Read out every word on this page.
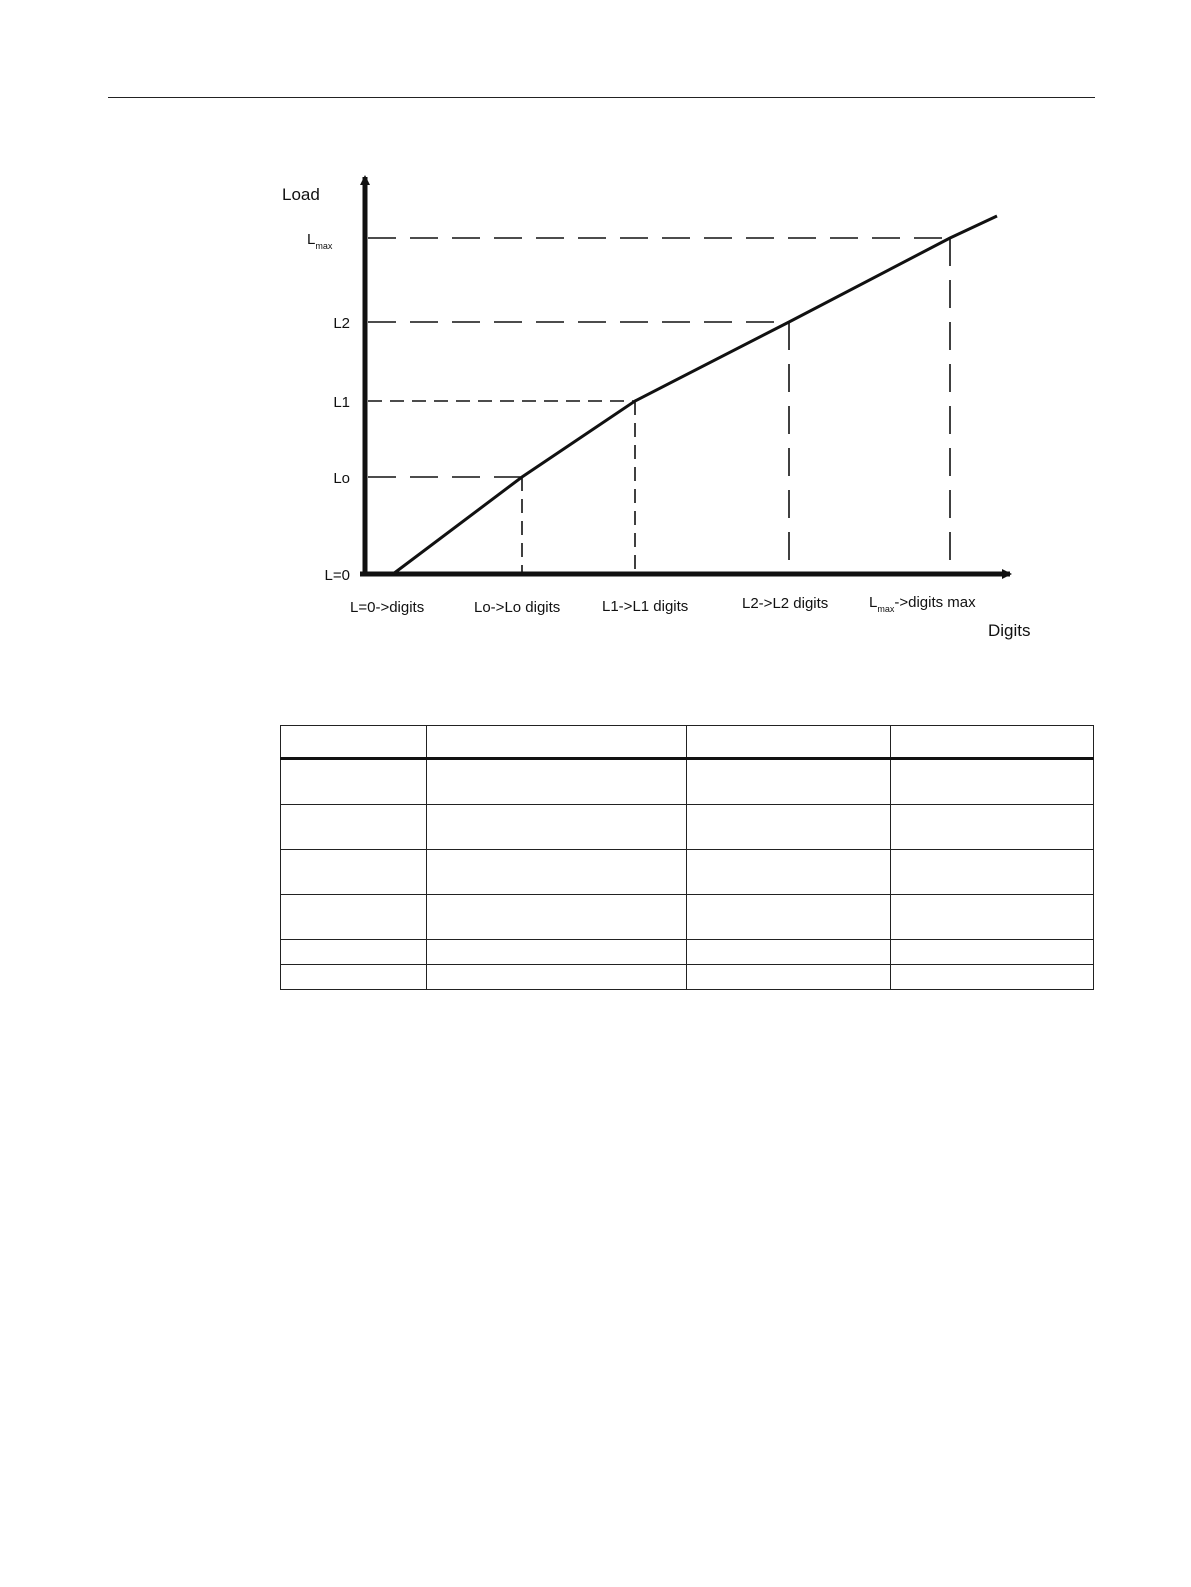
Load
Digits
$L_{max}$
L2
L1
Lo
L=0
L=0->digits	Lo->Lo digits	L1->L1 digits	L2->L2 digits	$L_{max}->digits$ max
